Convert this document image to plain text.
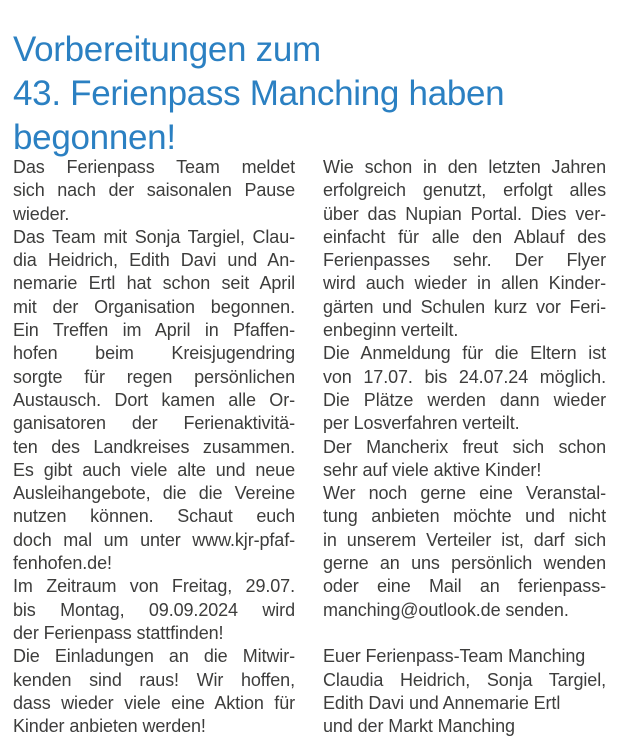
Vorbereitungen zum
43. Ferienpass Manching haben
begonnen!
Das Ferienpass Team meldet
sich nach der saisonalen Pause
wieder.
Das Team mit Sonja Targiel, Clau-
dia Heidrich, Edith Davi und An-
nemarie Ertl hat schon seit April
mit der Organisation begonnen.
Ein Treffen im April in Pfaffen-
hofen beim Kreisjugendring
sorgte für regen persönlichen
Austausch. Dort kamen alle Or-
ganisatoren der Ferienaktivitä-
ten des Landkreises zusammen.
Es gibt auch viele alte und neue
Ausleihangebote, die die Vereine
nutzen können. Schaut euch
doch mal um unter www.kjr-pfaf-
fenhofen.de!
Im Zeitraum von Freitag, 29.07.
bis Montag, 09.09.2024 wird
der Ferienpass stattfinden!
Die Einladungen an die Mitwir-
kenden sind raus! Wir hoffen,
dass wieder viele eine Aktion für
Kinder anbieten werden!
Wie schon in den letzten Jahren
erfolgreich genutzt, erfolgt alles
über das Nupian Portal. Dies ver-
einfacht für alle den Ablauf des
Ferienpasses sehr. Der Flyer
wird auch wieder in allen Kinder-
gärten und Schulen kurz vor Feri-
enbeginn verteilt.
Die Anmeldung für die Eltern ist
von 17.07. bis 24.07.24 möglich.
Die Plätze werden dann wieder
per Losverfahren verteilt.
Der Mancherix freut sich schon
sehr auf viele aktive Kinder!
Wer noch gerne eine Veranstal-
tung anbieten möchte und nicht
in unserem Verteiler ist, darf sich
gerne an uns persönlich wenden
oder eine Mail an ferienpass-
manching@outlook.de senden.
Euer Ferienpass-Team Manching
Claudia Heidrich, Sonja Targiel,
Edith Davi und Annemarie Ertl
und der Markt Manching
